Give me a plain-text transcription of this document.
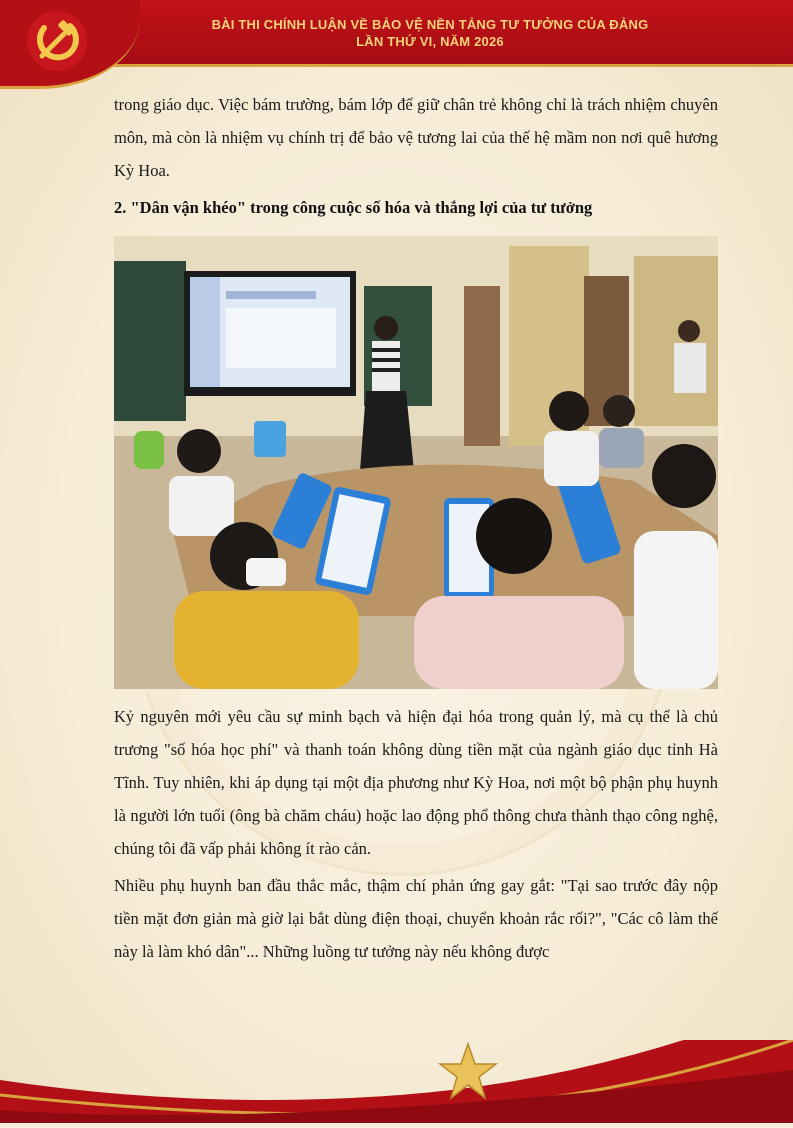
BÀI THI CHÍNH LUẬN VỀ BẢO VỆ NỀN TẢNG TƯ TƯỞNG CỦA ĐẢNG
LẦN THỨ VI, NĂM 2026

trong giáo dục. Việc bám trường, bám lớp để giữ chân trẻ không chỉ là trách nhiệm chuyên môn, mà còn là nhiệm vụ chính trị để bảo vệ tương lai của thế hệ mầm non nơi quê hương Kỳ Hoa.

2. "Dân vận khéo" trong công cuộc số hóa và thắng lợi của tư tưởng

Kỷ nguyên mới yêu cầu sự minh bạch và hiện đại hóa trong quản lý, mà cụ thể là chủ trương "số hóa học phí" và thanh toán không dùng tiền mặt của ngành giáo dục tỉnh Hà Tĩnh. Tuy nhiên, khi áp dụng tại một địa phương như Kỳ Hoa, nơi một bộ phận phụ huynh là người lớn tuổi (ông bà chăm cháu) hoặc lao động phổ thông chưa thành thạo công nghệ, chúng tôi đã vấp phải không ít rào cản.

Nhiều phụ huynh ban đầu thắc mắc, thậm chí phản ứng gay gắt: "Tại sao trước đây nộp tiền mặt đơn giản mà giờ lại bắt dùng điện thoại, chuyển khoản rắc rối?", "Các cô làm thế này là làm khó dân"... Những luồng tư tưởng này nếu không được
